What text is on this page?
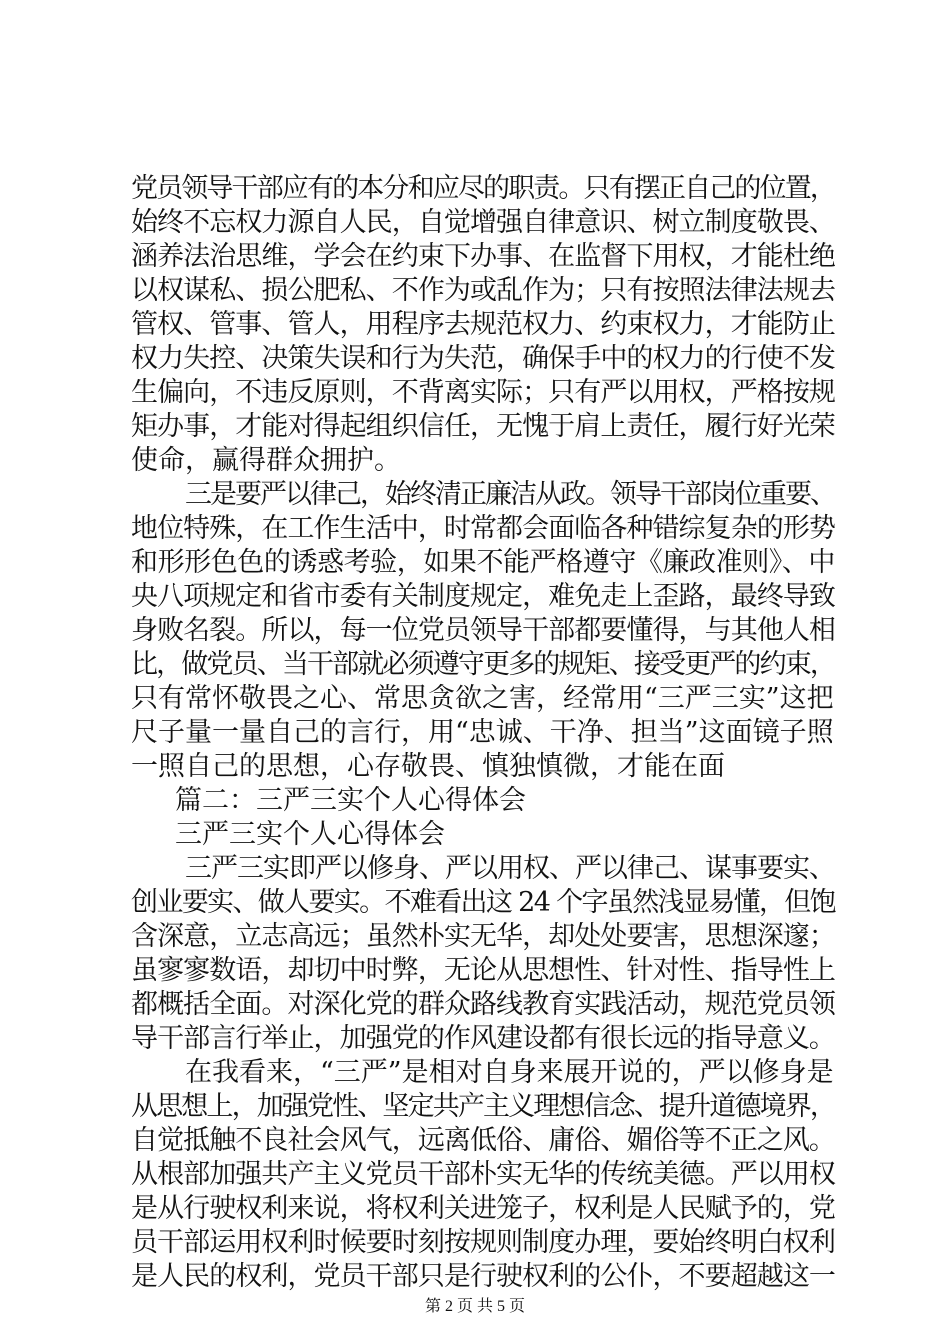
党员领导干部应有的本分和应尽的职责。只有摆正自己的位置，
始终不忘权力源自人民，自觉增强自律意识、树立制度敬畏、
涵养法治思维，学会在约束下办事、在监督下用权，才能杜绝
以权谋私、损公肥私、不作为或乱作为；只有按照法律法规去
管权、管事、管人，用程序去规范权力、约束权力，才能防止
权力失控、决策失误和行为失范，确保手中的权力的行使不发
生偏向，不违反原则，不背离实际；只有严以用权，严格按规
矩办事，才能对得起组织信任，无愧于肩上责任，履行好光荣
使命，赢得群众拥护。
三是要严以律己，始终清正廉洁从政。领导干部岗位重要、
地位特殊，在工作生活中，时常都会面临各种错综复杂的形势
和形形色色的诱惑考验，如果不能严格遵守《廉政准则》、中
央八项规定和省市委有关制度规定，难免走上歪路，最终导致
身败名裂。所以，每一位党员领导干部都要懂得，与其他人相
比，做党员、当干部就必须遵守更多的规矩、接受更严的约束，
只有常怀敬畏之心、常思贪欲之害，经常用“三严三实”这把
尺子量一量自己的言行，用“忠诚、干净、担当”这面镜子照
一照自己的思想，心存敬畏、慎独慎微，才能在面
篇二：三严三实个人心得体会
三严三实个人心得体会
三严三实即严以修身、严以用权、严以律己、谋事要实、
创业要实、做人要实。不难看出这 24 个字虽然浅显易懂，但饱
含深意，立志高远；虽然朴实无华，却处处要害，思想深邃；
虽寥寥数语，却切中时弊，无论从思想性、针对性、指导性上
都概括全面。对深化党的群众路线教育实践活动，规范党员领
导干部言行举止，加强党的作风建设都有很长远的指导意义。
在我看来，“三严”是相对自身来展开说的，严以修身是
从思想上，加强党性、坚定共产主义理想信念、提升道德境界，
自觉抵触不良社会风气，远离低俗、庸俗、媚俗等不正之风。
从根部加强共产主义党员干部朴实无华的传统美德。严以用权
是从行驶权利来说，将权利关进笼子，权利是人民赋予的，党
员干部运用权利时候要时刻按规则制度办理，要始终明白权利
是人民的权利，党员干部只是行驶权利的公仆，不要超越这一
第 2 页 共 5 页
